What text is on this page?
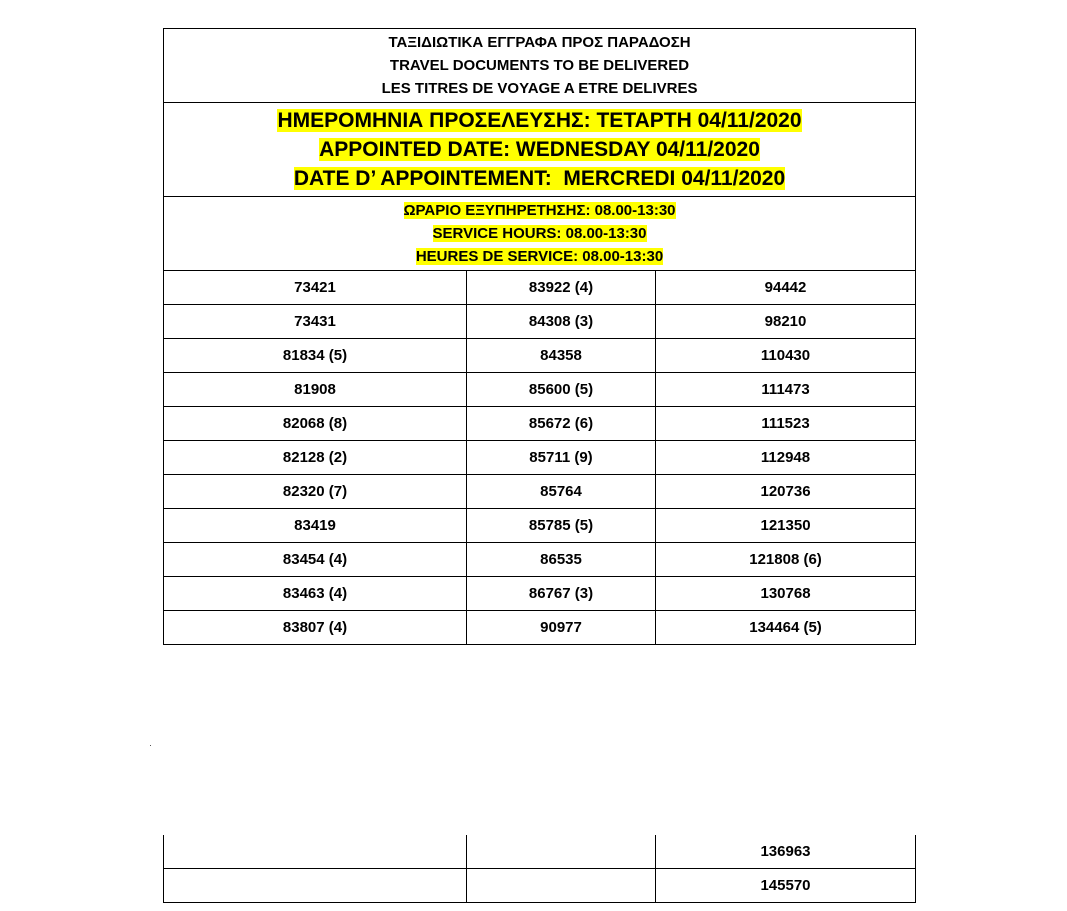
ΤΑΞΙΔΙΩΤΙΚΑ ΕΓΓΡΑΦΑ ΠΡΟΣ ΠΑΡΑΔΟΣΗ
TRAVEL DOCUMENTS TO BE DELIVERED
LES TITRES DE VOYAGE A ETRE DELIVRES		

ΗΜΕΡΟΜΗΝΙΑ ΠΡΟΣΕΛΕΥΣΗΣ: ΤΕΤΑΡΤΗ 04/11/2020
APPOINTED DATE: WEDNESDAY 04/11/2020
DATE D’ APPOINTEMENT:  MERCREDI 04/11/2020		

ΩΡΑΡΙΟ ΕΞΥΠΗΡΕΤΗΣΗΣ: 08.00-13:30
SERVICE HOURS: 08.00-13:30
HEURES DE SERVICE: 08.00-13:30		

73421	83922 (4)	94442
73431	84308 (3)	98210
81834 (5)	84358	110430
81908	85600 (5)	111473
82068 (8)	85672 (6)	111523
82128 (2)	85711 (9)	112948
82320 (7)	85764	120736
83419	85785 (5)	121350
83454 (4)	86535	121808 (6)
83463 (4)	86767 (3)	130768
83807 (4)	90977	134464 (5)
		136963
		145570
